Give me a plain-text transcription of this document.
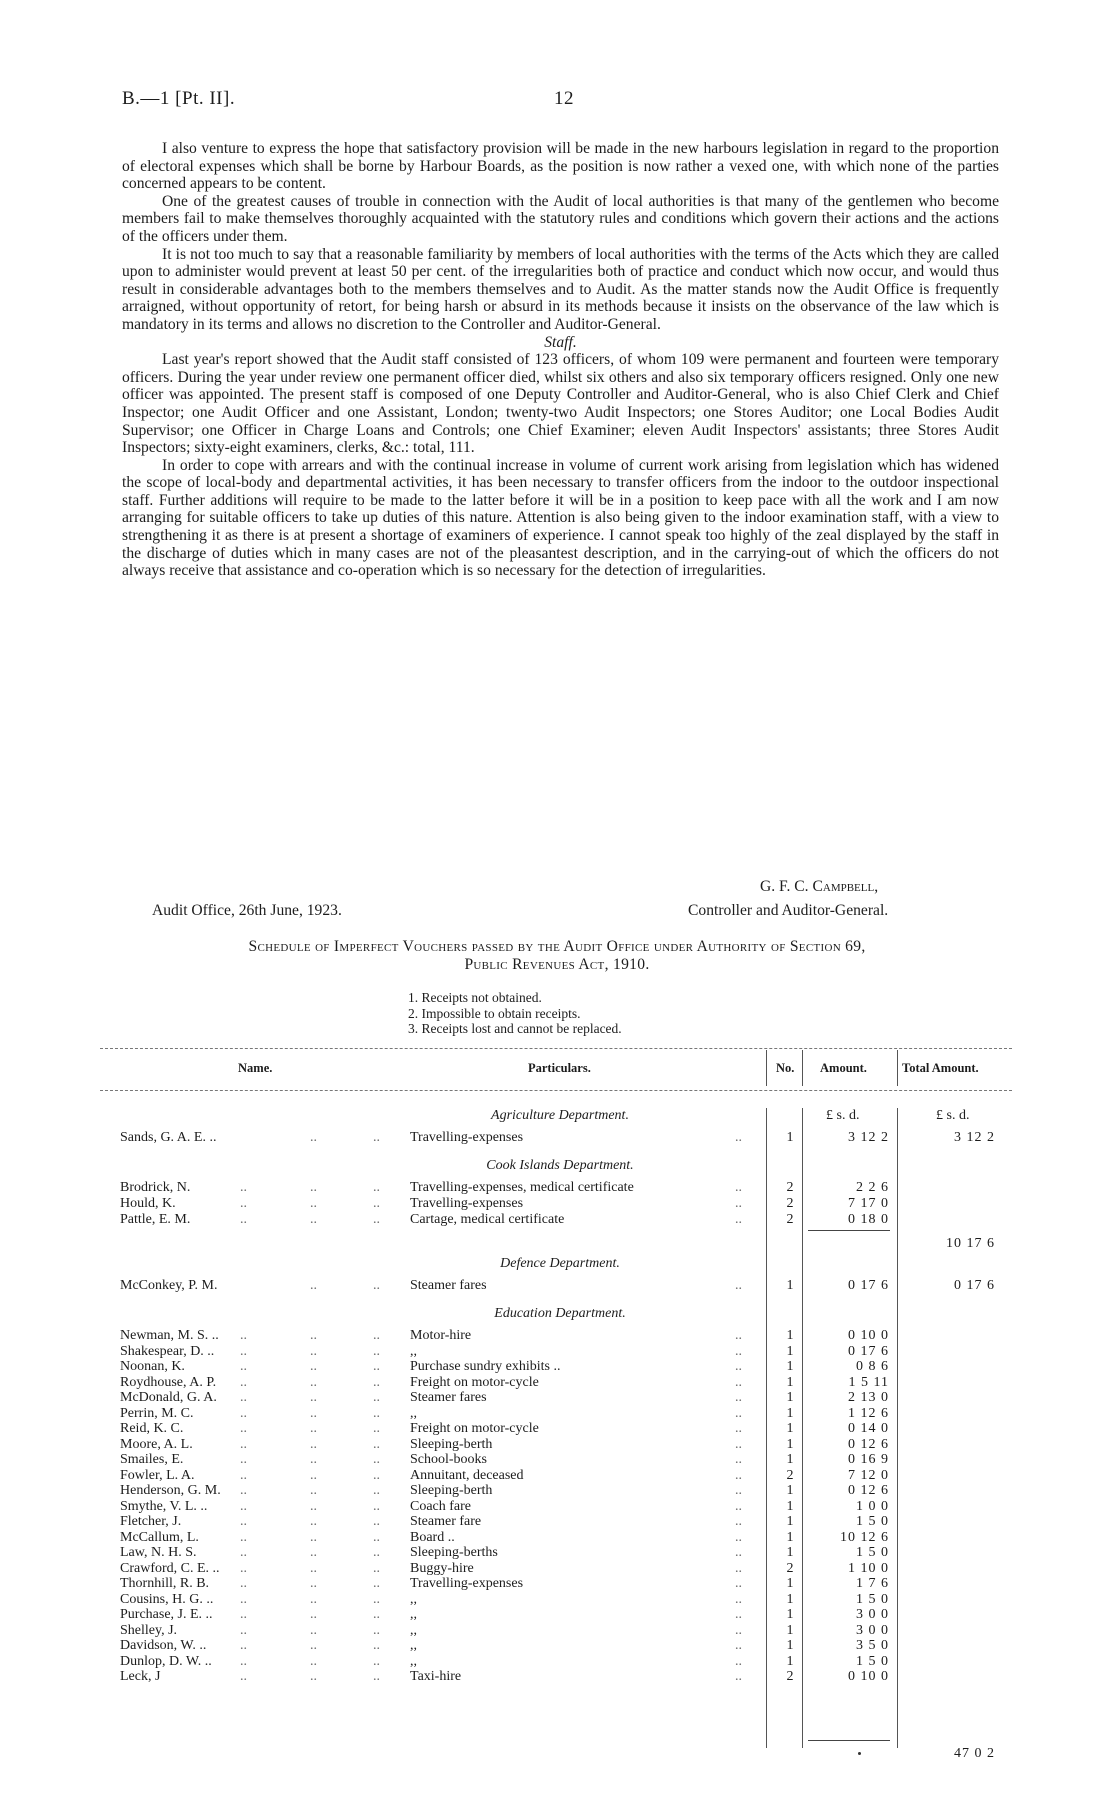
B.—1 [Pt. II].	12

I also venture to express the hope that satisfactory provision will be made in the new harbours legislation in regard to the proportion of electoral expenses which shall be borne by Harbour Boards, as the position is now rather a vexed one, with which none of the parties concerned appears to be content.

One of the greatest causes of trouble in connection with the Audit of local authorities is that many of the gentlemen who become members fail to make themselves thoroughly acquainted with the statutory rules and conditions which govern their actions and the actions of the officers under them.

It is not too much to say that a reasonable familiarity by members of local authorities with the terms of the Acts which they are called upon to administer would prevent at least 50 per cent. of the irregularities both of practice and conduct which now occur, and would thus result in considerable advantages both to the members themselves and to Audit. As the matter stands now the Audit Office is frequently arraigned, without opportunity of retort, for being harsh or absurd in its methods because it insists on the observance of the law which is mandatory in its terms and allows no discretion to the Controller and Auditor-General.

Staff.

Last year's report showed that the Audit staff consisted of 123 officers, of whom 109 were permanent and fourteen were temporary officers. During the year under review one permanent officer died, whilst six others and also six temporary officers resigned. Only one new officer was appointed. The present staff is composed of one Deputy Controller and Auditor-General, who is also Chief Clerk and Chief Inspector; one Audit Officer and one Assistant, London; twenty-two Audit Inspectors; one Stores Auditor; one Local Bodies Audit Supervisor; one Officer in Charge Loans and Controls; one Chief Examiner; eleven Audit Inspectors' assistants; three Stores Audit Inspectors; sixty-eight examiners, clerks, &c.: total, 111.

In order to cope with arrears and with the continual increase in volume of current work arising from legislation which has widened the scope of local-body and departmental activities, it has been necessary to transfer officers from the indoor to the outdoor inspectional staff. Further additions will require to be made to the latter before it will be in a position to keep pace with all the work and I am now arranging for suitable officers to take up duties of this nature. Attention is also being given to the indoor examination staff, with a view to strengthening it as there is at present a shortage of examiners of experience. I cannot speak too highly of the zeal displayed by the staff in the discharge of duties which in many cases are not of the pleasantest description, and in the carrying-out of which the officers do not always receive that assistance and co-operation which is so necessary for the detection of irregularities.

G. F. C. Campbell,
Audit Office, 26th June, 1923.	Controller and Auditor-General.
Schedule of Imperfect Vouchers passed by the Audit Office under Authority of Section 69,
Public Revenues Act, 1910.
1. Receipts not obtained.
2. Impossible to obtain receipts.
3. Receipts lost and cannot be replaced.
Name.	Particulars.	No. Amount.	Total Amount.
£ s. d.	£ s. d.
Agriculture Department.
Sands, G. A. E. ..	..	.. Travelling-expenses	..	1	3 12 2	3 12 2
Cook Islands Department.
Brodrick, N.	..	..	.. Travelling-expenses, medical certificate	..	2	2 2 6
Hould, K.	..	..	.. Travelling-expenses	..	2	7 17 0
Pattle, E. M.	..	..	.. Cartage, medical certificate	..	2	0 18 0
10 17 6
Defence Department.
McConkey, P. M.	..	.. Steamer fares	..	1	0 17 6	0 17 6
Education Department.
Newman, M. S. .. ..	..	.. Motor-hire	..	1	0 10 0
Shakespear, D. .. ..	..	.. ,,	..	1	0 17 6
Noonan, K.	..	..	.. Purchase sundry exhibits ..	..	1	0 8 6
Roydhouse, A. P. ..	..	.. Freight on motor-cycle	..	1	1 5 11
McDonald, G. A. ..	..	.. Steamer fares	..	1	2 13 0
Perrin, M. C.	..	..	.. ,,	..	1	1 12 6
Reid, K. C.	..	..	.. Freight on motor-cycle	..	1	0 14 0
Moore, A. L.	..	..	.. Sleeping-berth	..	1	0 12 6
Smailes, E.	..	..	.. School-books	..	1	0 16 9
Fowler, L. A.	..	..	.. Annuitant, deceased	..	2	7 12 0
Henderson, G. M. ..	..	.. Sleeping-berth	..	1	0 12 6
Smythe, V. L. .. ..	..	.. Coach fare	..	1	1 0 0
Fletcher, J.	..	..	.. Steamer fare	..	1	1 5 0
McCallum, L.	..	..	.. Board ..	..	1	10 12 6
Law, N. H. S.	..	..	.. Sleeping-berths	..	1	1 5 0
Crawford, C. E. .. ..	..	.. Buggy-hire	..	2	1 10 0
Thornhill, R. B. ..	..	.. Travelling-expenses	..	1	1 7 6
Cousins, H. G. .. ..	..	.. ,,	..	1	1 5 0
Purchase, J. E. .. ..	..	.. ,,	..	1	3 0 0
Shelley, J.	..	..	.. ,,	..	1	3 0 0
Davidson, W. .. ..	..	.. ,,	..	1	3 5 0
Dunlop, D. W. .. ..	..	.. ,,	..	1	1 5 0
Leck, J	..	..	.. Taxi-hire	..	2	0 10 0
47 0 2
